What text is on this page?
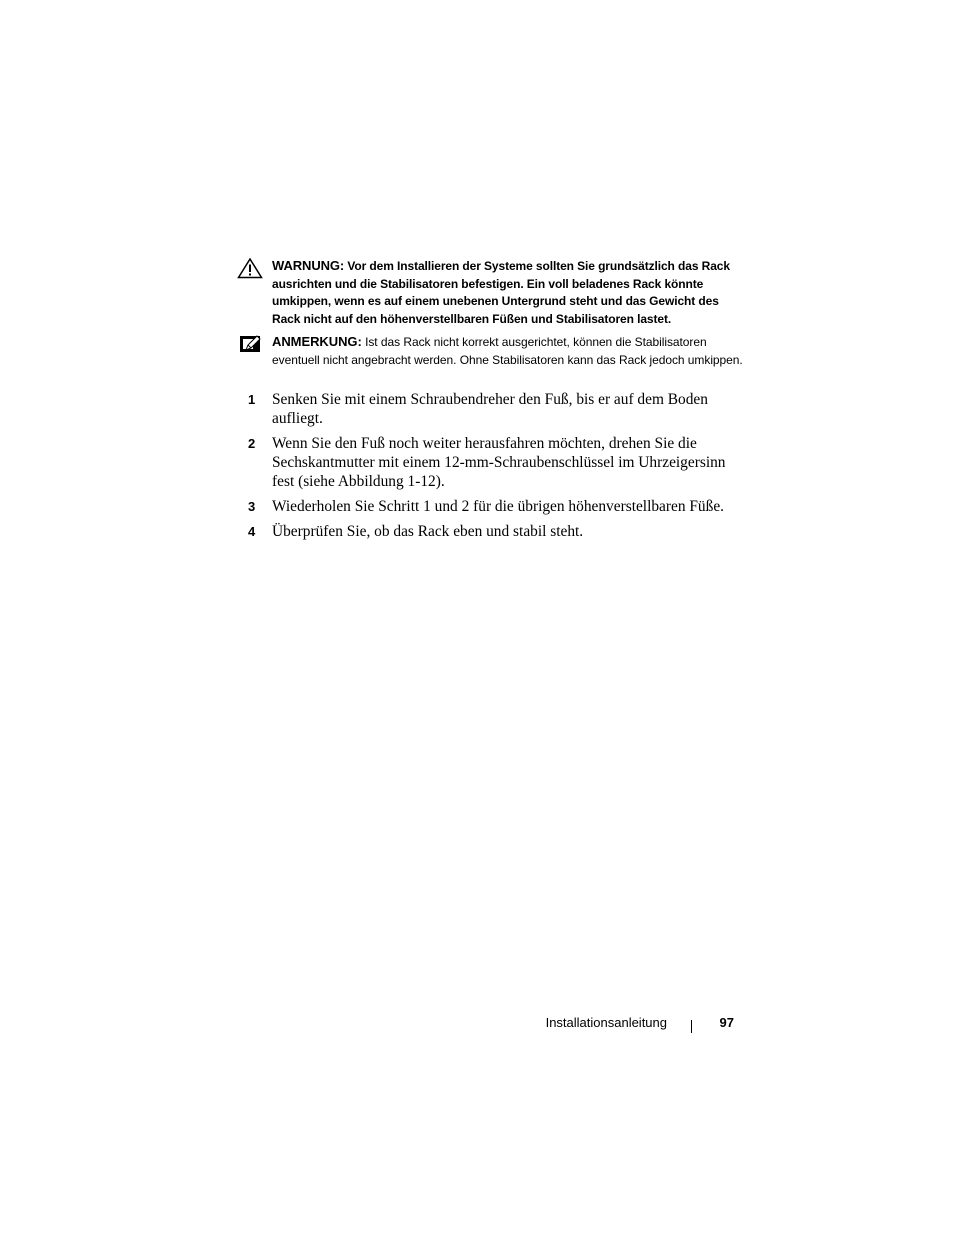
WARNUNG: Vor dem Installieren der Systeme sollten Sie grundsätzlich das Rack ausrichten und die Stabilisatoren befestigen. Ein voll beladenes Rack könnte umkippen, wenn es auf einem unebenen Untergrund steht und das Gewicht des Rack nicht auf den höhenverstellbaren Füßen und Stabilisatoren lastet.
ANMERKUNG: Ist das Rack nicht korrekt ausgerichtet, können die Stabilisatoren eventuell nicht angebracht werden. Ohne Stabilisatoren kann das Rack jedoch umkippen.
1 Senken Sie mit einem Schraubendreher den Fuß, bis er auf dem Boden aufliegt.
2 Wenn Sie den Fuß noch weiter herausfahren möchten, drehen Sie die Sechskantmutter mit einem 12-mm-Schraubenschlüssel im Uhrzeigersinn fest (siehe Abbildung 1-12).
3 Wiederholen Sie Schritt 1 und 2 für die übrigen höhenverstellbaren Füße.
4 Überprüfen Sie, ob das Rack eben und stabil steht.
Installationsanleitung	97
